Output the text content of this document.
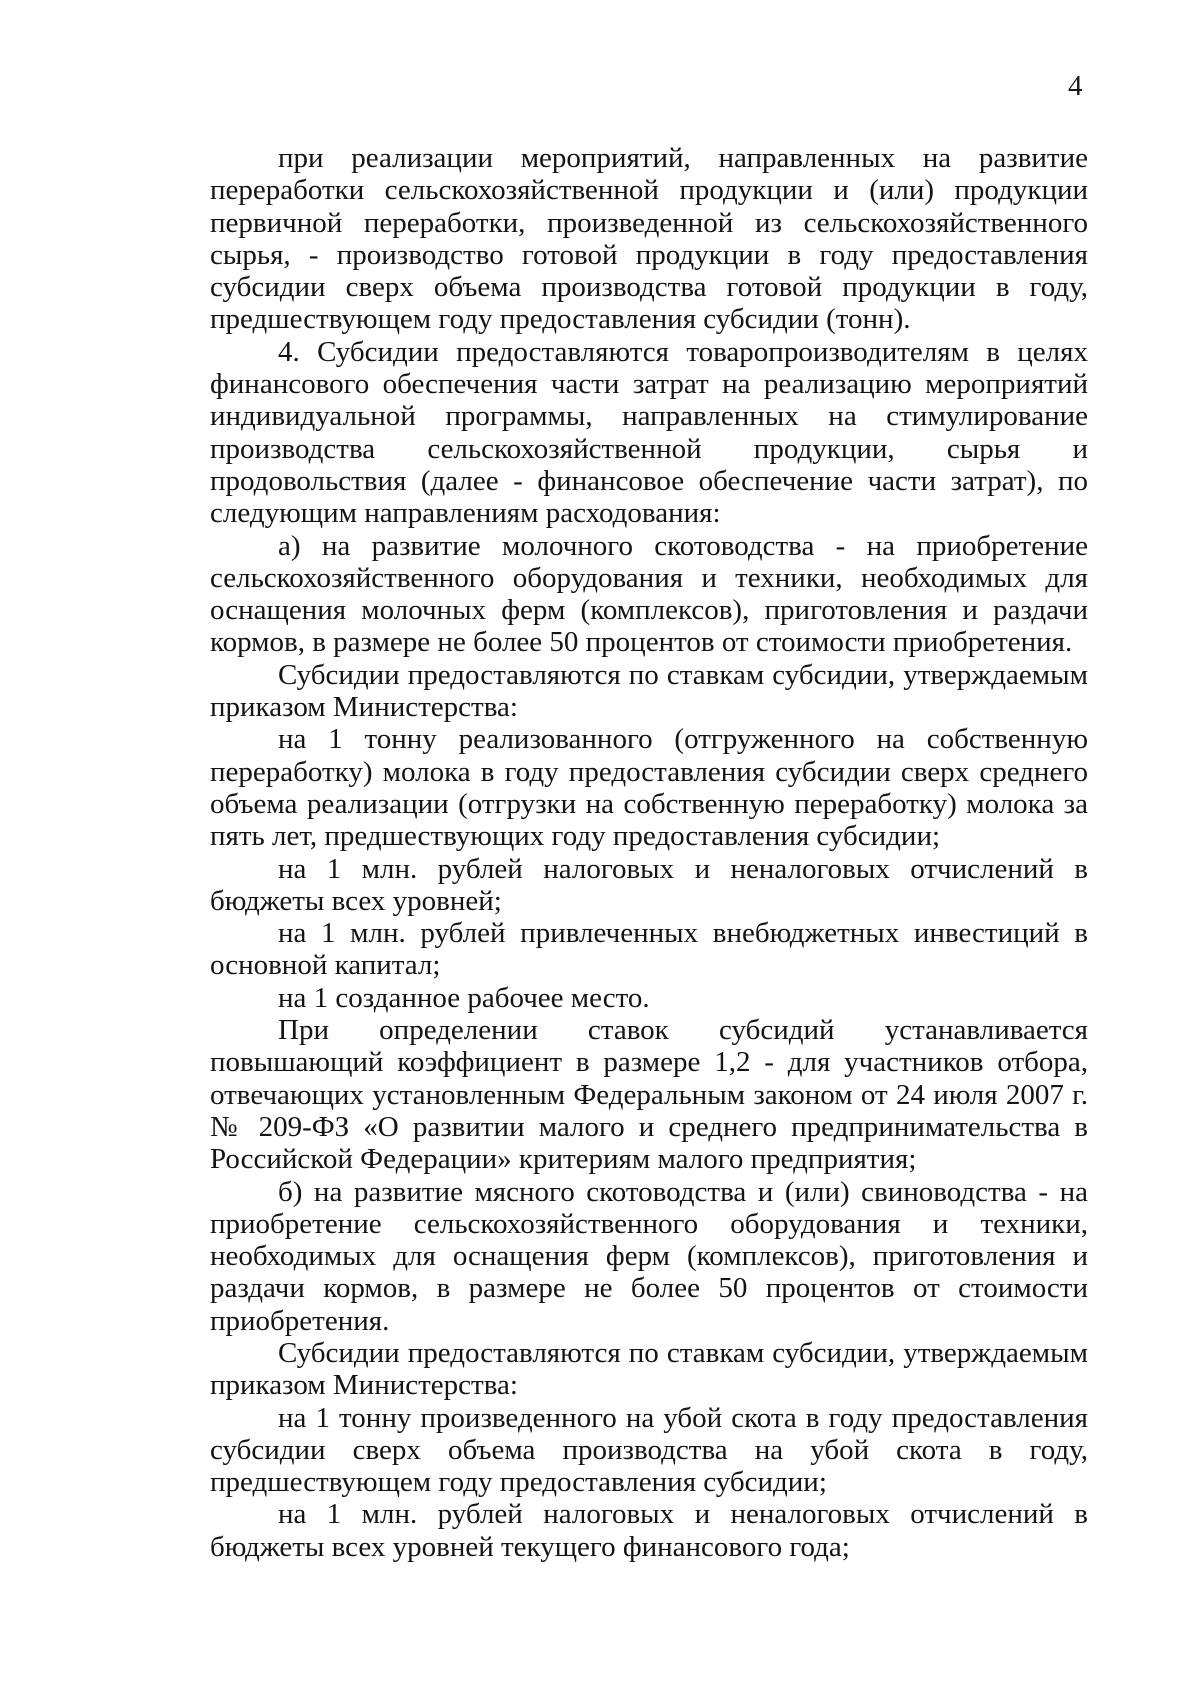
4

при реализации мероприятий, направленных на развитие переработки сельскохозяйственной продукции и (или) продукции первичной переработки, произведенной из сельскохозяйственного сырья, - производство готовой продукции в году предоставления субсидии сверх объема производства готовой продукции в году, предшествующем году предоставления субсидии (тонн).

4. Субсидии предоставляются товаропроизводителям в целях финансового обеспечения части затрат на реализацию мероприятий индивидуальной программы, направленных на стимулирование производства сельскохозяйственной продукции, сырья и продовольствия (далее - финансовое обеспечение части затрат), по следующим направлениям расходования:

а) на развитие молочного скотоводства - на приобретение сельскохозяйственного оборудования и техники, необходимых для оснащения молочных ферм (комплексов), приготовления и раздачи кормов, в размере не более 50 процентов от стоимости приобретения.

Субсидии предоставляются по ставкам субсидии, утверждаемым приказом Министерства:

на 1 тонну реализованного (отгруженного на собственную переработку) молока в году предоставления субсидии сверх среднего объема реализации (отгрузки на собственную переработку) молока за пять лет, предшествующих году предоставления субсидии;

на 1 млн. рублей налоговых и неналоговых отчислений в бюджеты всех уровней;

на 1 млн. рублей привлеченных внебюджетных инвестиций в основной капитал;

на 1 созданное рабочее место.

При определении ставок субсидий устанавливается повышающий коэффициент в размере 1,2 - для участников отбора, отвечающих установленным Федеральным законом от 24 июля 2007 г. № 209-ФЗ «О развитии малого и среднего предпринимательства в Российской Федерации» критериям малого предприятия;

б) на развитие мясного скотоводства и (или) свиноводства - на приобретение сельскохозяйственного оборудования и техники, необходимых для оснащения ферм (комплексов), приготовления и раздачи кормов, в размере не более 50 процентов от стоимости приобретения.

Субсидии предоставляются по ставкам субсидии, утверждаемым приказом Министерства:

на 1 тонну произведенного на убой скота в году предоставления субсидии сверх объема производства на убой скота в году, предшествующем году предоставления субсидии;

на 1 млн. рублей налоговых и неналоговых отчислений в бюджеты всех уровней текущего финансового года;
